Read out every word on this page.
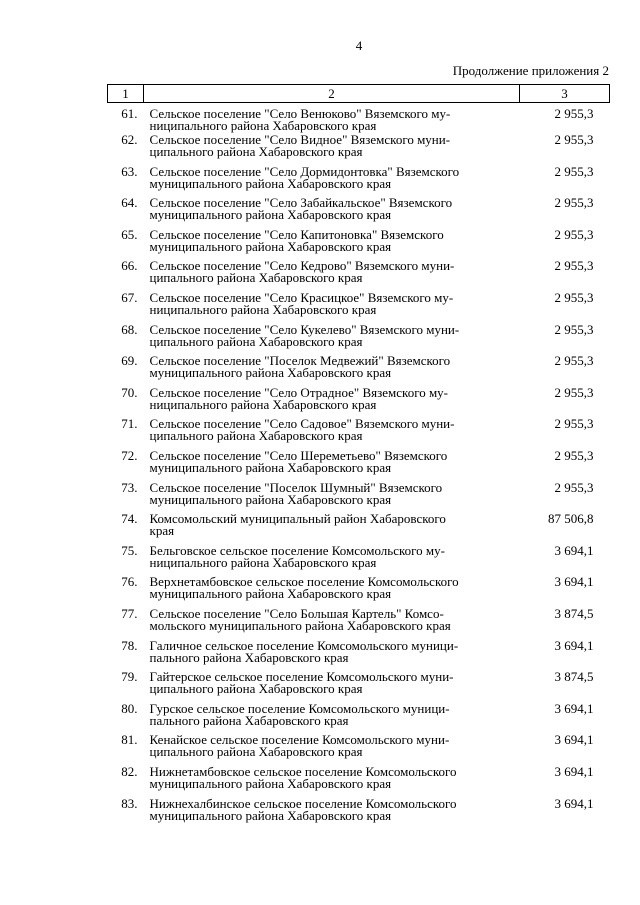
4
Продолжение приложения 2
1	2	3
61.	Сельское поселение "Село Венюково" Вяземского му-
ниципального района Хабаровского края	2 955,3
62.	Сельское поселение "Село Видное" Вяземского муни-
ципального района Хабаровского края	2 955,3
63.	Сельское поселение "Село Дормидонтовка" Вяземского
муниципального района Хабаровского края	2 955,3
64.	Сельское поселение "Село Забайкальское" Вяземского
муниципального района Хабаровского края	2 955,3
65.	Сельское поселение "Село Капитоновка" Вяземского
муниципального района Хабаровского края	2 955,3
66.	Сельское поселение "Село Кедрово" Вяземского муни-
ципального района Хабаровского края	2 955,3
67.	Сельское поселение "Село Красицкое" Вяземского му-
ниципального района Хабаровского края	2 955,3
68.	Сельское поселение "Село Кукелево" Вяземского муни-
ципального района Хабаровского края	2 955,3
69.	Сельское поселение "Поселок Медвежий" Вяземского
муниципального района Хабаровского края	2 955,3
70.	Сельское поселение "Село Отрадное" Вяземского му-
ниципального района Хабаровского края	2 955,3
71.	Сельское поселение "Село Садовое" Вяземского муни-
ципального района Хабаровского края	2 955,3
72.	Сельское поселение "Село Шереметьево" Вяземского
муниципального района Хабаровского края	2 955,3
73.	Сельское поселение "Поселок Шумный" Вяземского
муниципального района Хабаровского края	2 955,3
74.	Комсомольский муниципальный район Хабаровского
края	87 506,8
75.	Бельговское сельское поселение Комсомольского му-
ниципального района Хабаровского края	3 694,1
76.	Верхнетамбовское сельское поселение Комсомольского
муниципального района Хабаровского края	3 694,1
77.	Сельское поселение "Село Большая Картель" Комсо-
мольского муниципального района Хабаровского края	3 874,5
78.	Галичное сельское поселение Комсомольского муници-
пального района Хабаровского края	3 694,1
79.	Гайтерское сельское поселение Комсомольского муни-
ципального района Хабаровского края	3 874,5
80.	Гурское сельское поселение Комсомольского муници-
пального района Хабаровского края	3 694,1
81.	Кенайское сельское поселение Комсомольского муни-
ципального района Хабаровского края	3 694,1
82.	Нижнетамбовское сельское поселение Комсомольского
муниципального района Хабаровского края	3 694,1
83.	Нижнехалбинское сельское поселение Комсомольского
муниципального района Хабаровского края	3 694,1
